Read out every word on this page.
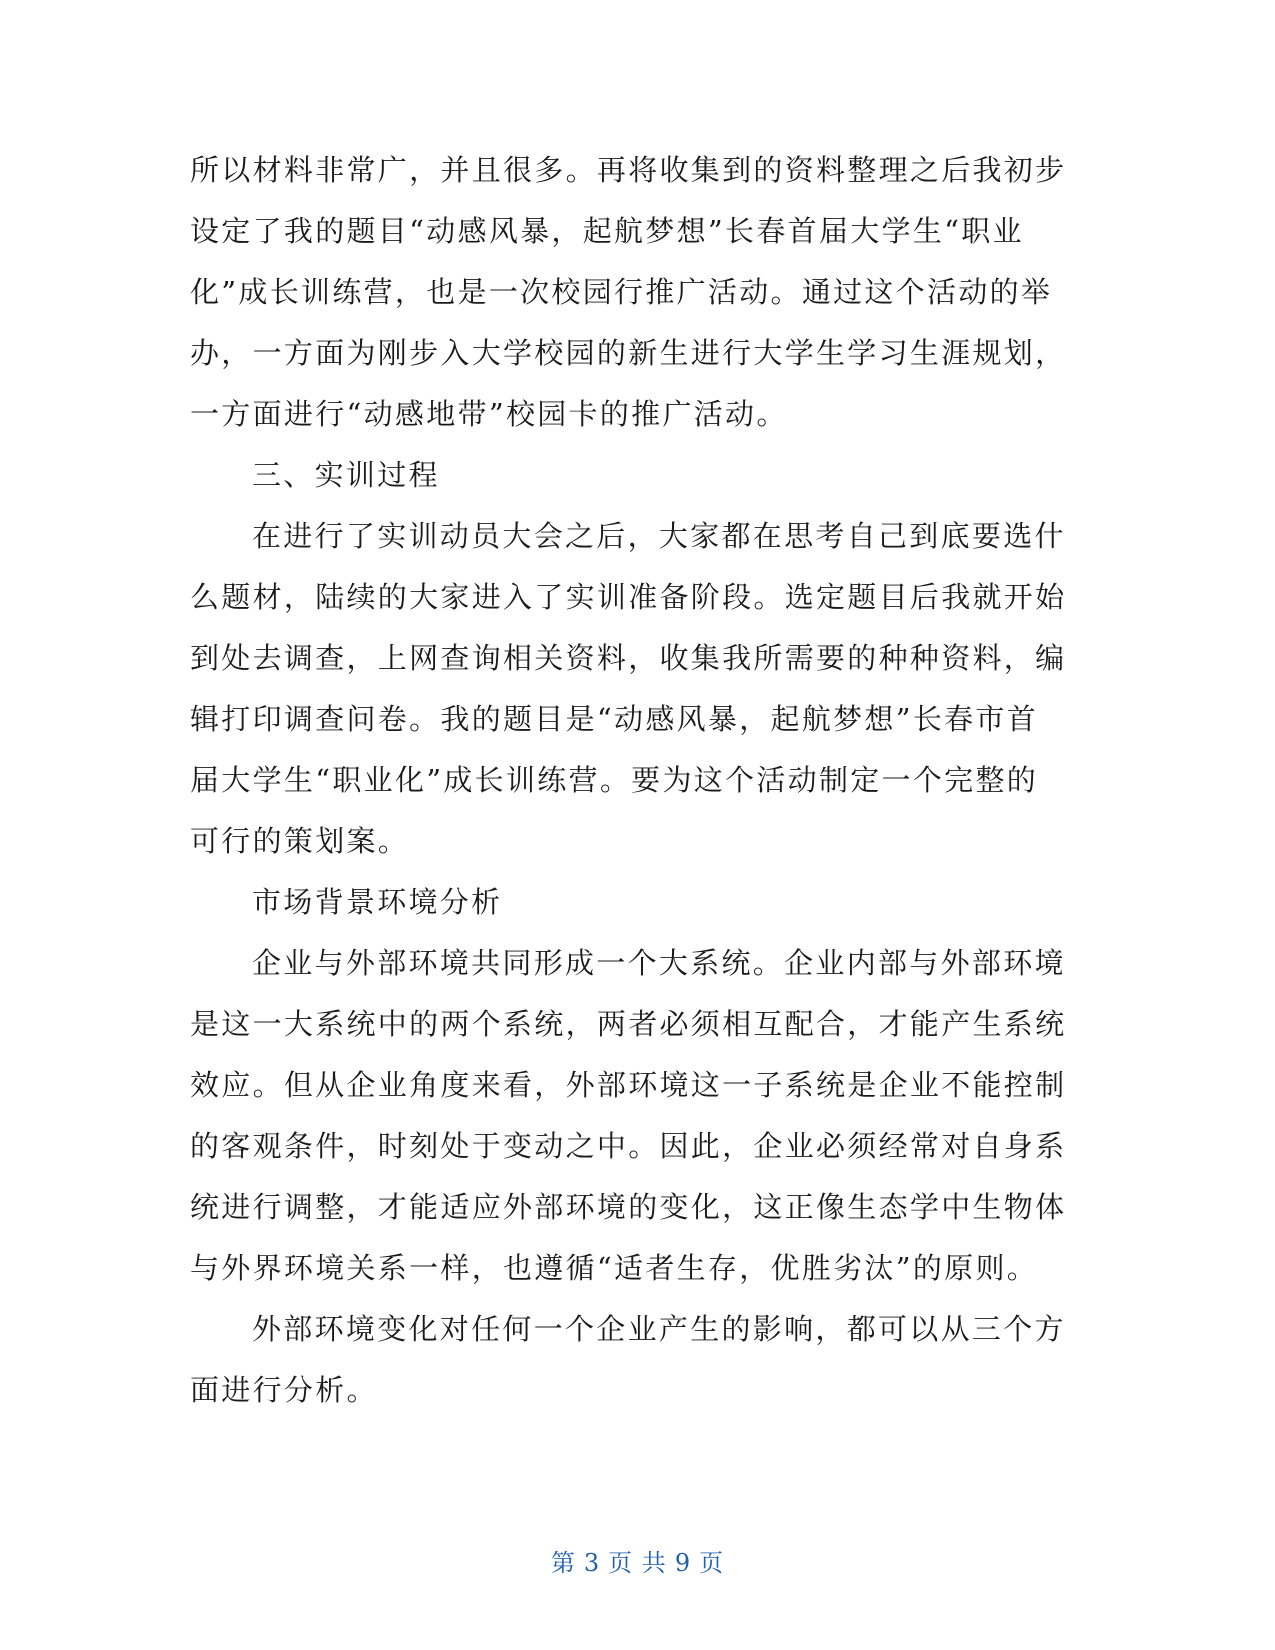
所以材料非常广，并且很多。再将收集到的资料整理之后我初步
设定了我的题目“动感风暴，起航梦想”长春首届大学生“职业
化”成长训练营，也是一次校园行推广活动。通过这个活动的举
办，一方面为刚步入大学校园的新生进行大学生学习生涯规划，
一方面进行“动感地带”校园卡的推广活动。
三、实训过程
在进行了实训动员大会之后，大家都在思考自己到底要选什
么题材，陆续的大家进入了实训准备阶段。选定题目后我就开始
到处去调查，上网查询相关资料，收集我所需要的种种资料，编
辑打印调查问卷。我的题目是“动感风暴，起航梦想”长春市首
届大学生“职业化”成长训练营。要为这个活动制定一个完整的
可行的策划案。
市场背景环境分析
企业与外部环境共同形成一个大系统。企业内部与外部环境
是这一大系统中的两个系统，两者必须相互配合，才能产生系统
效应。但从企业角度来看，外部环境这一子系统是企业不能控制
的客观条件，时刻处于变动之中。因此，企业必须经常对自身系
统进行调整，才能适应外部环境的变化，这正像生态学中生物体
与外界环境关系一样，也遵循“适者生存，优胜劣汰”的原则。
外部环境变化对任何一个企业产生的影响，都可以从三个方
面进行分析。
第 3 页 共 9 页
